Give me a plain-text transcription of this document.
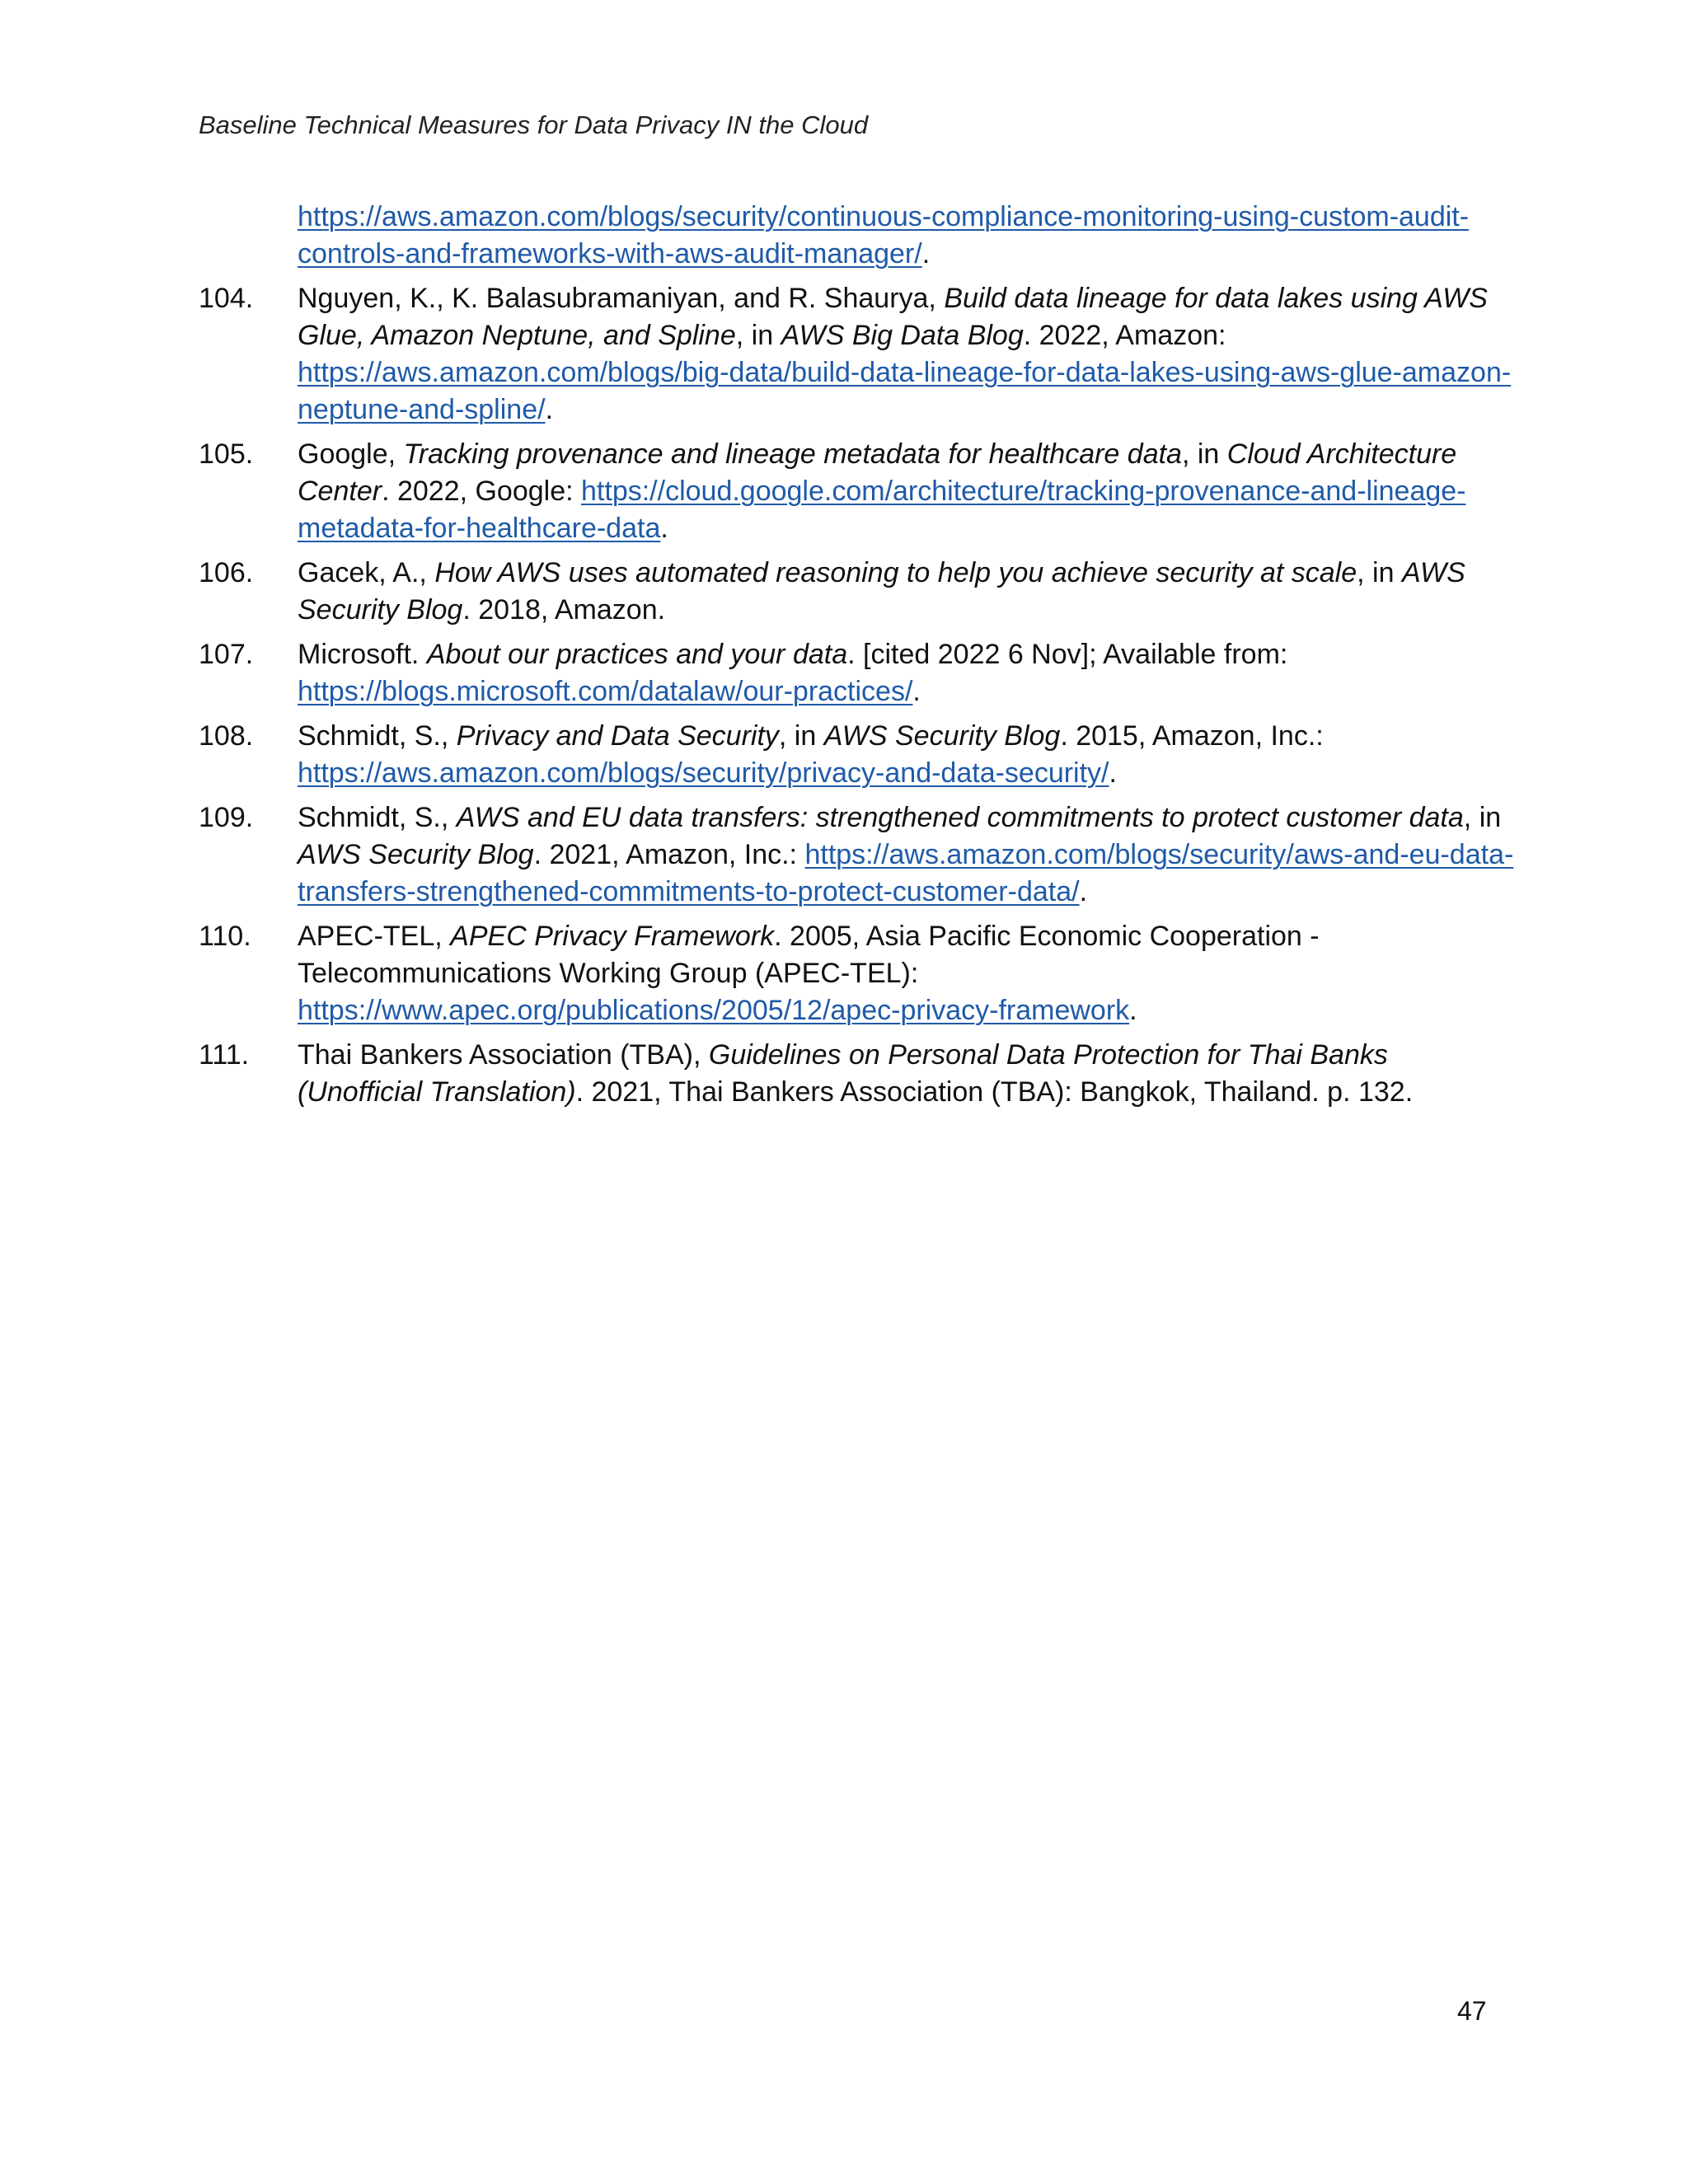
Baseline Technical Measures for Data Privacy IN the Cloud
https://aws.amazon.com/blogs/security/continuous-compliance-monitoring-using-custom-audit-controls-and-frameworks-with-aws-audit-manager/.
104.	Nguyen, K., K. Balasubramaniyan, and R. Shaurya, Build data lineage for data lakes using AWS Glue, Amazon Neptune, and Spline, in AWS Big Data Blog. 2022, Amazon: https://aws.amazon.com/blogs/big-data/build-data-lineage-for-data-lakes-using-aws-glue-amazon-neptune-and-spline/.
105.	Google, Tracking provenance and lineage metadata for healthcare data, in Cloud Architecture Center. 2022, Google: https://cloud.google.com/architecture/tracking-provenance-and-lineage-metadata-for-healthcare-data.
106.	Gacek, A., How AWS uses automated reasoning to help you achieve security at scale, in AWS Security Blog. 2018, Amazon.
107.	Microsoft. About our practices and your data. [cited 2022 6 Nov]; Available from: https://blogs.microsoft.com/datalaw/our-practices/.
108.	Schmidt, S., Privacy and Data Security, in AWS Security Blog. 2015, Amazon, Inc.: https://aws.amazon.com/blogs/security/privacy-and-data-security/.
109.	Schmidt, S., AWS and EU data transfers: strengthened commitments to protect customer data, in AWS Security Blog. 2021, Amazon, Inc.: https://aws.amazon.com/blogs/security/aws-and-eu-data-transfers-strengthened-commitments-to-protect-customer-data/.
110.	APEC-TEL, APEC Privacy Framework. 2005, Asia Pacific Economic Cooperation - Telecommunications Working Group (APEC-TEL): https://www.apec.org/publications/2005/12/apec-privacy-framework.
111.	Thai Bankers Association (TBA), Guidelines on Personal Data Protection for Thai Banks (Unofficial Translation). 2021, Thai Bankers Association (TBA): Bangkok, Thailand. p. 132.
47
